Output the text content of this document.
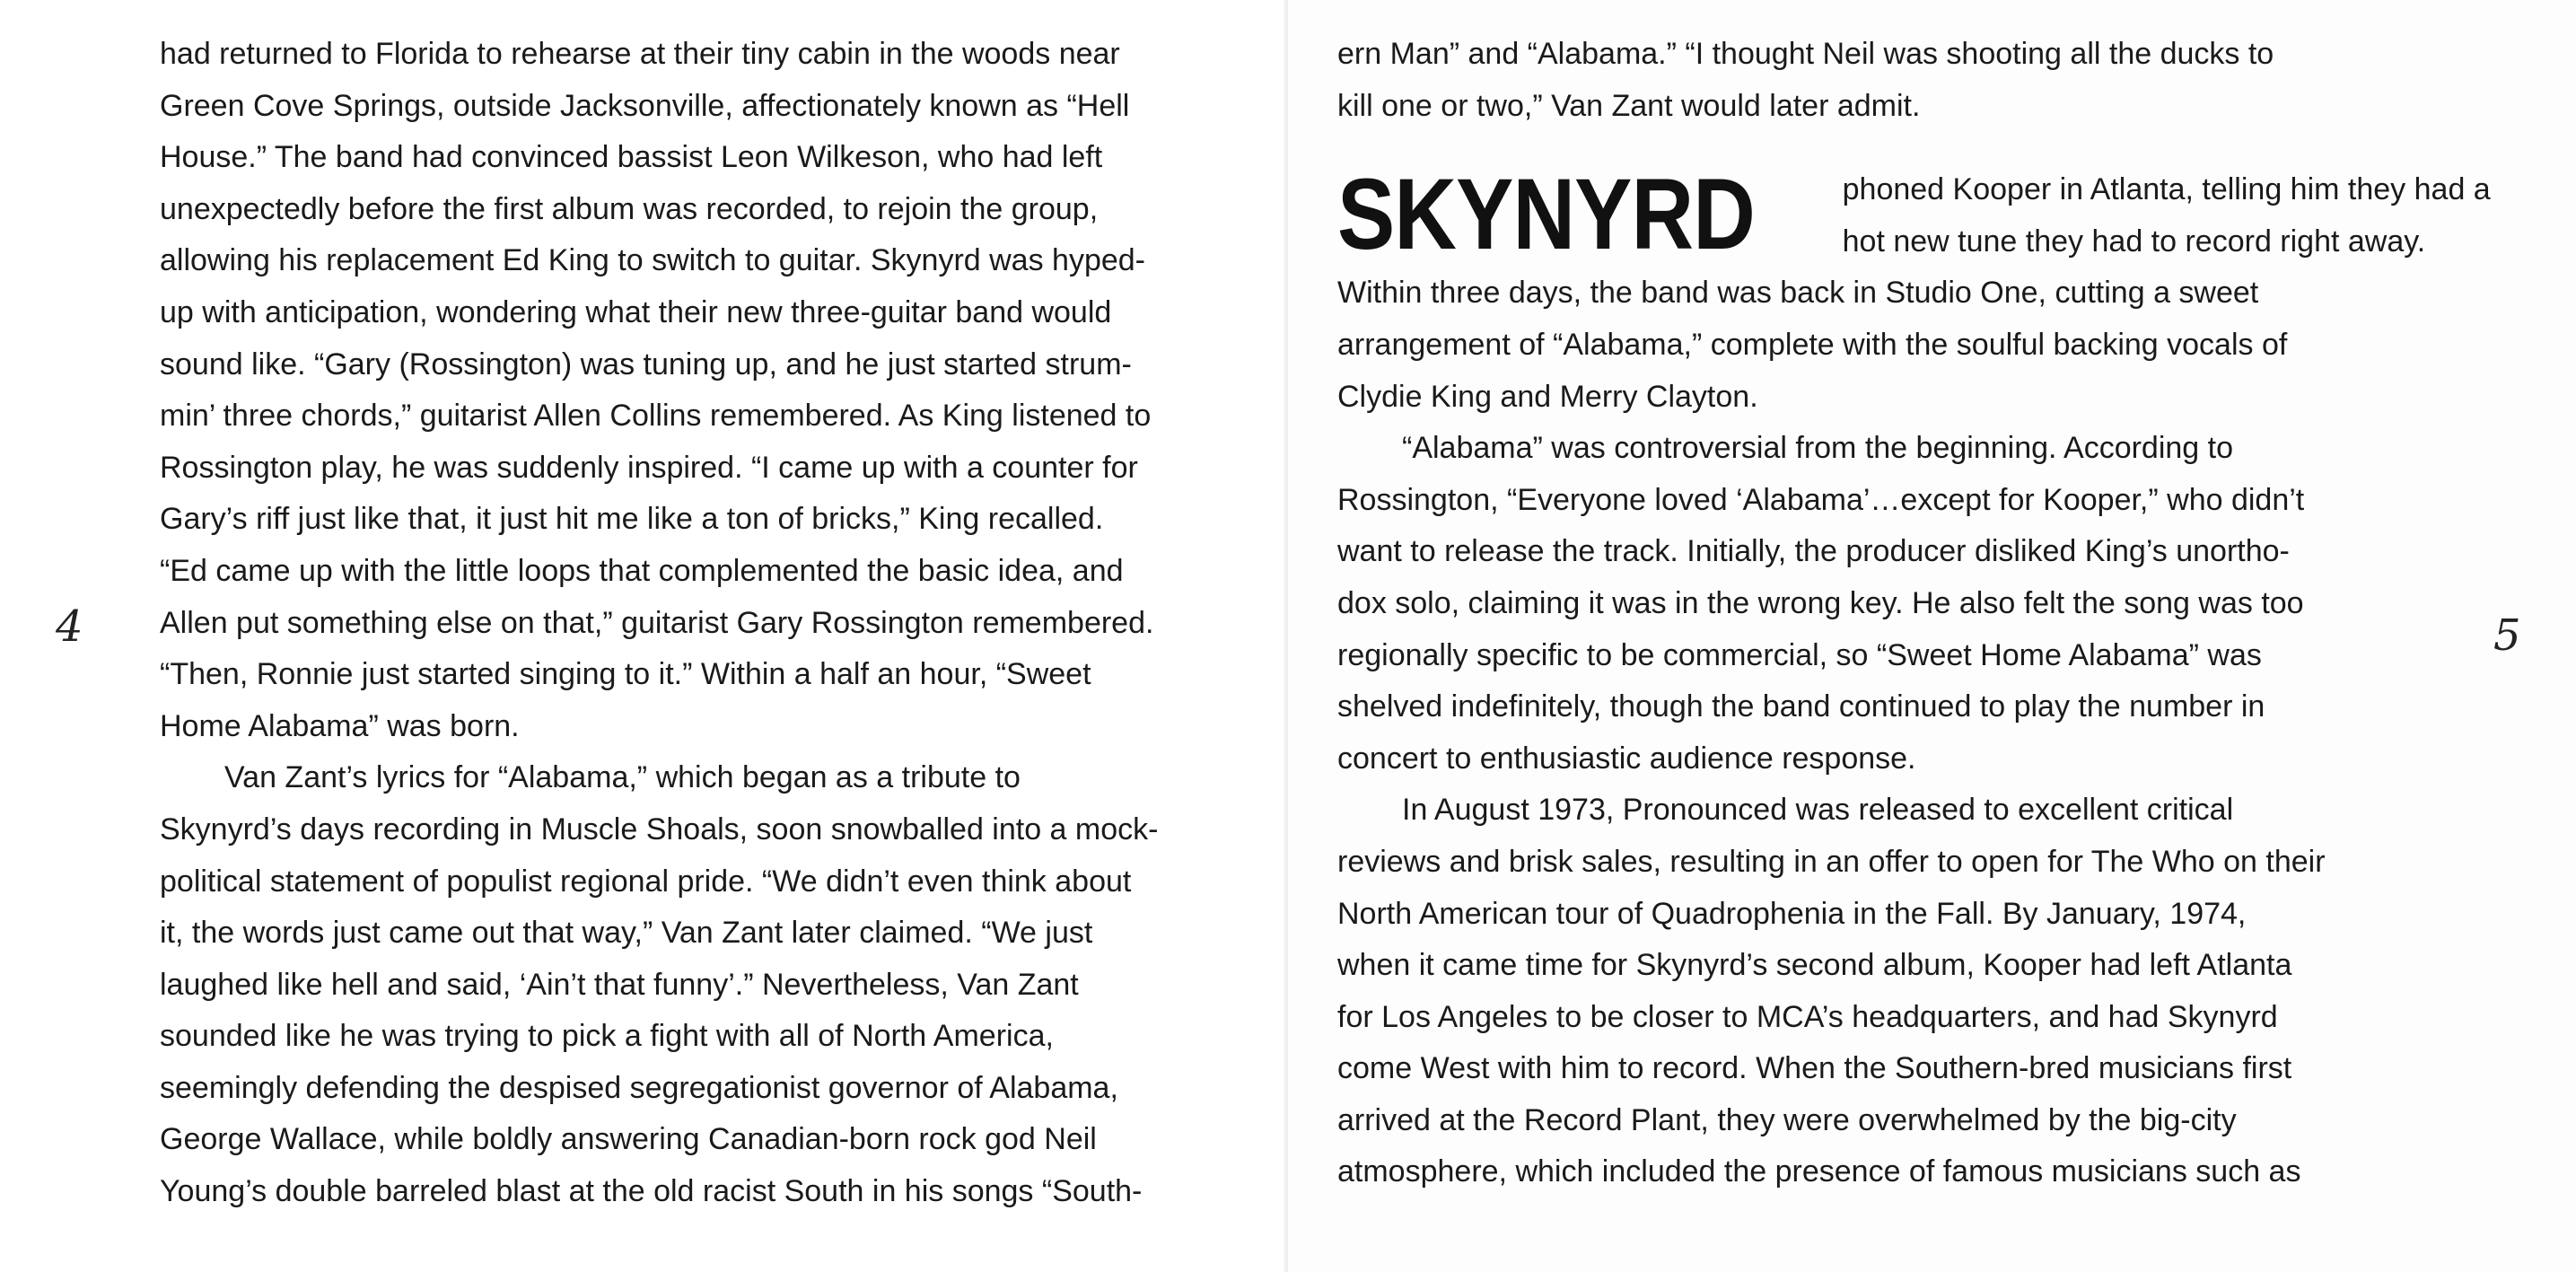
had returned to Florida to rehearse at their tiny cabin in the woods near
Green Cove Springs, outside Jacksonville, affectionately known as “Hell
House.” The band had convinced bassist Leon Wilkeson, who had left
unexpectedly before the first album was recorded, to rejoin the group,
allowing his replacement Ed King to switch to guitar. Skynyrd was hyped-
up with anticipation, wondering what their new three-guitar band would
sound like. “Gary (Rossington) was tuning up, and he just started strum-
min’ three chords,” guitarist Allen Collins remembered. As King listened to
Rossington play, he was suddenly inspired. “I came up with a counter for
Gary’s riff just like that, it just hit me like a ton of bricks,” King recalled.
“Ed came up with the little loops that complemented the basic idea, and
Allen put something else on that,” guitarist Gary Rossington remembered.
“Then, Ronnie just started singing to it.” Within a half an hour, “Sweet
Home Alabama” was born.
Van Zant’s lyrics for “Alabama,” which began as a tribute to
Skynyrd’s days recording in Muscle Shoals, soon snowballed into a mock-
political statement of populist regional pride. “We didn’t even think about
it, the words just came out that way,” Van Zant later claimed. “We just
laughed like hell and said, ‘Ain’t that funny’.” Nevertheless, Van Zant
sounded like he was trying to pick a fight with all of North America,
seemingly defending the despised segregationist governor of Alabama,
George Wallace, while boldly answering Canadian-born rock god Neil
Young’s double barreled blast at the old racist South in his songs “South-
4
ern Man” and “Alabama.” “I thought Neil was shooting all the ducks to
kill one or two,” Van Zant would later admit.
SKYNYRD	phoned Kooper in Atlanta, telling him they had a
hot new tune they had to record right away.
Within three days, the band was back in Studio One, cutting a sweet
arrangement of “Alabama,” complete with the soulful backing vocals of
Clydie King and Merry Clayton.
“Alabama” was controversial from the beginning. According to
Rossington, “Everyone loved ‘Alabama’…except for Kooper,” who didn’t
want to release the track. Initially, the producer disliked King’s unortho-
dox solo, claiming it was in the wrong key. He also felt the song was too
regionally specific to be commercial, so “Sweet Home Alabama” was
shelved indefinitely, though the band continued to play the number in
concert to enthusiastic audience response.
In August 1973, Pronounced was released to excellent critical
reviews and brisk sales, resulting in an offer to open for The Who on their
North American tour of Quadrophenia in the Fall. By January, 1974,
when it came time for Skynyrd’s second album, Kooper had left Atlanta
for Los Angeles to be closer to MCA’s headquarters, and had Skynyrd
come West with him to record. When the Southern-bred musicians first
arrived at the Record Plant, they were overwhelmed by the big-city
atmosphere, which included the presence of famous musicians such as
5
